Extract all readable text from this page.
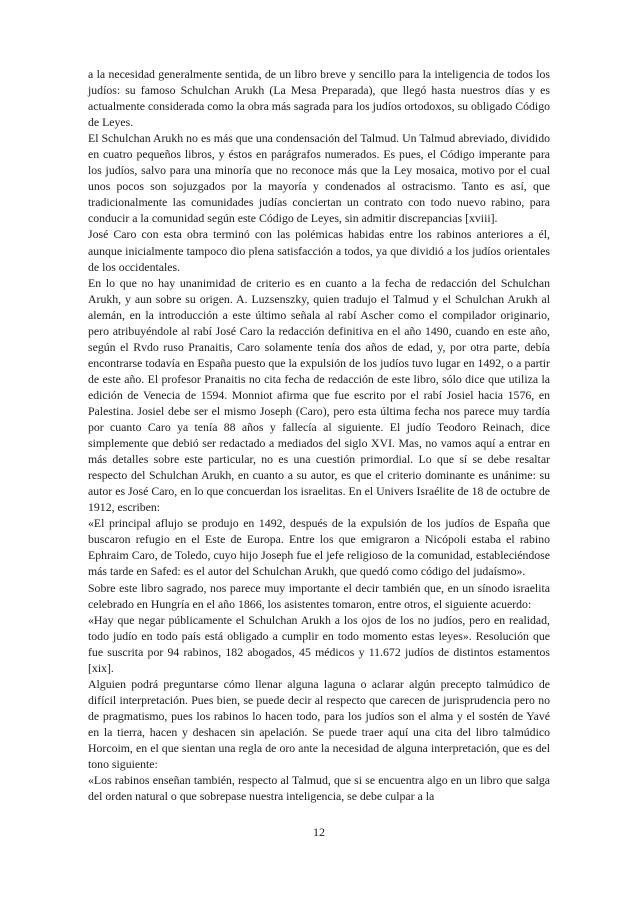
a la necesidad generalmente sentida, de un libro breve y sencillo para la inteligencia de todos los judíos: su famoso Schulchan Arukh (La Mesa Preparada), que llegó hasta nuestros días y es actualmente considerada como la obra más sagrada para los judíos ortodoxos, su obligado Código de Leyes.

El Schulchan Arukh no es más que una condensación del Talmud. Un Talmud abreviado, dividido en cuatro pequeños libros, y éstos en parágrafos numerados. Es pues, el Código imperante para los judíos, salvo para una minoría que no reconoce más que la Ley mosaica, motivo por el cual unos pocos son sojuzgados por la mayoría y condenados al ostracismo. Tanto es así, que tradicionalmente las comunidades judías conciertan un contrato con todo nuevo rabino, para conducir a la comunidad según este Código de Leyes, sin admitir discrepancias [xviii].

José Caro con esta obra terminó con las polémicas habidas entre los rabinos anteriores a él, aunque inicialmente tampoco dio plena satisfacción a todos, ya que dividió a los judíos orientales de los occidentales.

En lo que no hay unanimidad de criterio es en cuanto a la fecha de redacción del Schulchan Arukh, y aun sobre su origen. A. Luzsenszky, quien tradujo el Talmud y el Schulchan Arukh al alemán, en la introducción a este último señala al rabí Ascher como el compilador originario, pero atribuyéndole al rabí José Caro la redacción definitiva en el año 1490, cuando en este año, según el Rvdo ruso Pranaitis, Caro solamente tenía dos años de edad, y, por otra parte, debía encontrarse todavía en España puesto que la expulsión de los judíos tuvo lugar en 1492, o a partir de este año. El profesor Pranaitis no cita fecha de redacción de este libro, sólo dice que utiliza la edición de Venecia de 1594. Monniot afirma que fue escrito por el rabí Josiel hacia 1576, en Palestina. Josiel debe ser el mismo Joseph (Caro), pero esta última fecha nos parece muy tardía por cuanto Caro ya tenía 88 años y fallecía al siguiente. El judío Teodoro Reinach, dice simplemente que debió ser redactado a mediados del siglo XVI. Mas, no vamos aquí a entrar en más detalles sobre este particular, no es una cuestión primordial. Lo que sí se debe resaltar respecto del Schulchan Arukh, en cuanto a su autor, es que el criterio dominante es unánime: su autor es José Caro, en lo que concuerdan los israelitas. En el Univers Israélite de 18 de octubre de 1912, escriben:

«El principal aflujo se produjo en 1492, después de la expulsión de los judíos de España que buscaron refugio en el Este de Europa. Entre los que emigraron a Nicópoli estaba el rabino Ephraim Caro, de Toledo, cuyo hijo Joseph fue el jefe religioso de la comunidad, estableciéndose más tarde en Safed: es el autor del Schulchan Arukh, que quedó como código del judaísmo».

Sobre este libro sagrado, nos parece muy importante el decir también que, en un sínodo israelita celebrado en Hungría en el año 1866, los asistentes tomaron, entre otros, el siguiente acuerdo:

«Hay que negar públicamente el Schulchan Arukh a los ojos de los no judíos, pero en realidad, todo judío en todo país está obligado a cumplir en todo momento estas leyes». Resolución que fue suscrita por 94 rabinos, 182 abogados, 45 médicos y 11.672 judíos de distintos estamentos [xix].

Alguien podrá preguntarse cómo llenar alguna laguna o aclarar algún precepto talmúdico de difícil interpretación. Pues bien, se puede decir al respecto que carecen de jurisprudencia pero no de pragmatismo, pues los rabinos lo hacen todo, para los judíos son el alma y el sostén de Yavé en la tierra, hacen y deshacen sin apelación. Se puede traer aquí una cita del libro talmúdico Horcoim, en el que sientan una regla de oro ante la necesidad de alguna interpretación, que es del tono siguiente:

«Los rabinos enseñan también, respecto al Talmud, que si se encuentra algo en un libro que salga del orden natural o que sobrepase nuestra inteligencia, se debe culpar a la

12
